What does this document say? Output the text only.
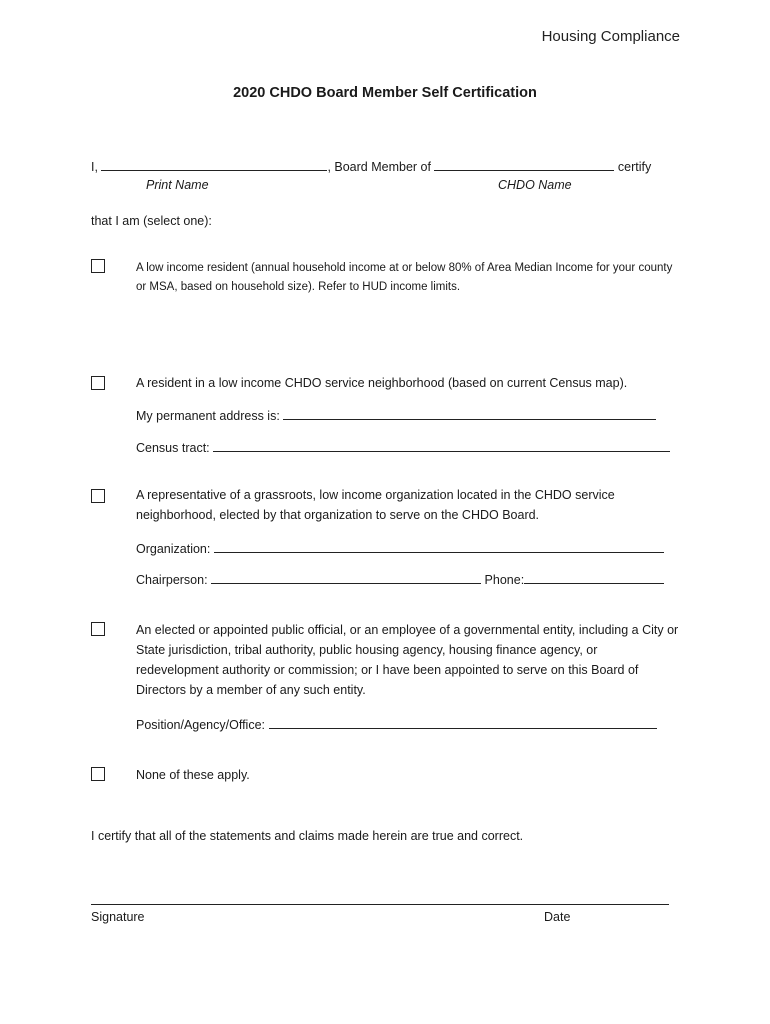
Housing Compliance
2020 CHDO Board Member Self Certification
I,	, Board Member of	certify
Print Name	CHDO Name
that I am (select one):
A low income resident (annual household income at or below 80% of Area Median Income for your county or MSA, based on household size). Refer to HUD income limits.
A resident in a low income CHDO service neighborhood (based on current Census map).
My permanent address is:
Census tract:
A representative of a grassroots, low income organization located in the CHDO service neighborhood, elected by that organization to serve on the CHDO Board.
Organization:
Chairperson:	Phone:
An elected or appointed public official, or an employee of a governmental entity, including a City or State jurisdiction, tribal authority, public housing agency, housing finance agency, or redevelopment authority or commission; or I have been appointed to serve on this Board of Directors by a member of any such entity.
Position/Agency/Office:
None of these apply.
I certify that all of the statements and claims made herein are true and correct.
Signature	Date
